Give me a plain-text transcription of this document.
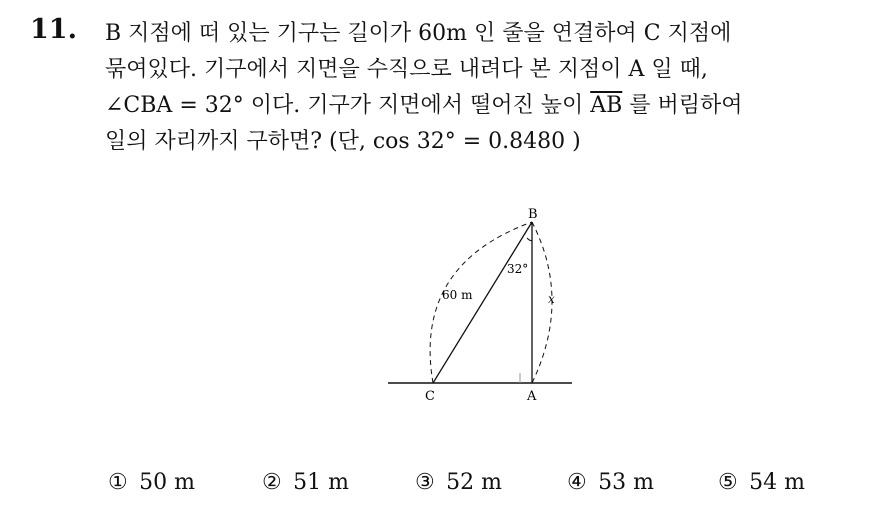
11. B 지점에 떠 있는 기구는 길이가 60m 인 줄을 연결하여 C 지점에
묶여있다. 기구에서 지면을 수직으로 내려다 본 지점이 A 일 때,
∠CBA = 32° 이다. 기구가 지면에서 떨어진 높이 $\overline{AB}$ 를 버림하여
일의 자리까지 구하면? (단, cos 32° = 0.8480 )
B
C	A
60 m
32°
x
①  50 m	②  51 m	③  52 m	④  53 m	⑤  54 m
